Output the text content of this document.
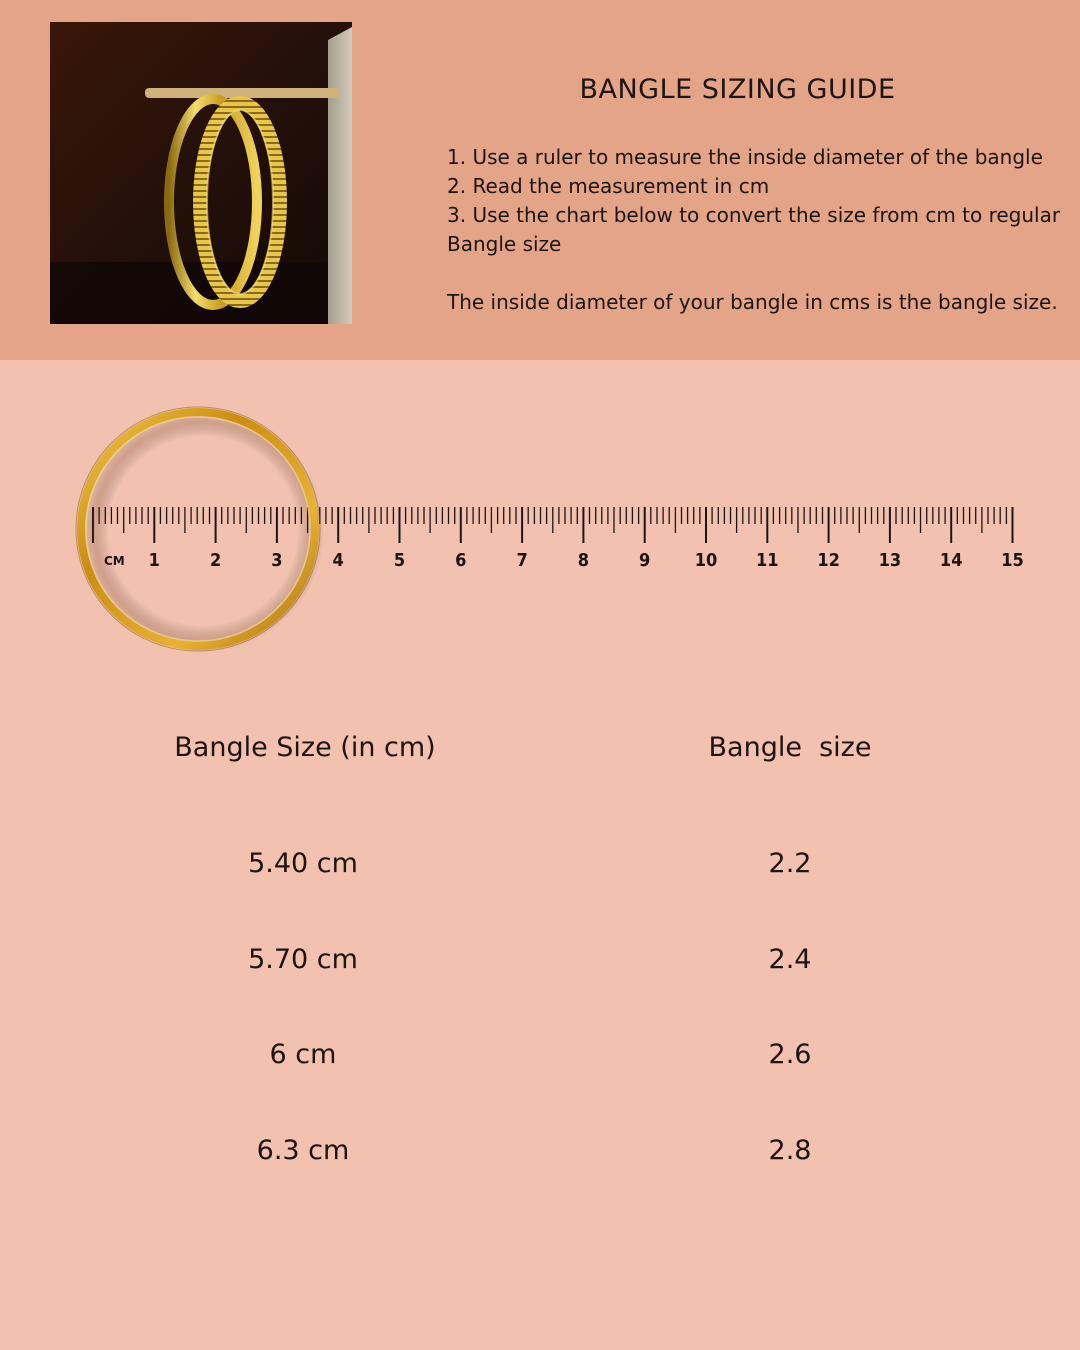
BANGLE SIZING GUIDE
1. Use a ruler to measure the inside diameter of the bangle
2. Read the measurement in cm
3. Use the chart below to convert the size from cm to regular Bangle size

The inside diameter of your bangle in cms is the bangle size.

4	5	6	7	8	9 10 11 12 13 14 15
Bangle Size (in cm)	Bangle  size
5.40 cm	2.2
5.70 cm	2.4
6 cm	2.6
6.3 cm	2.8
